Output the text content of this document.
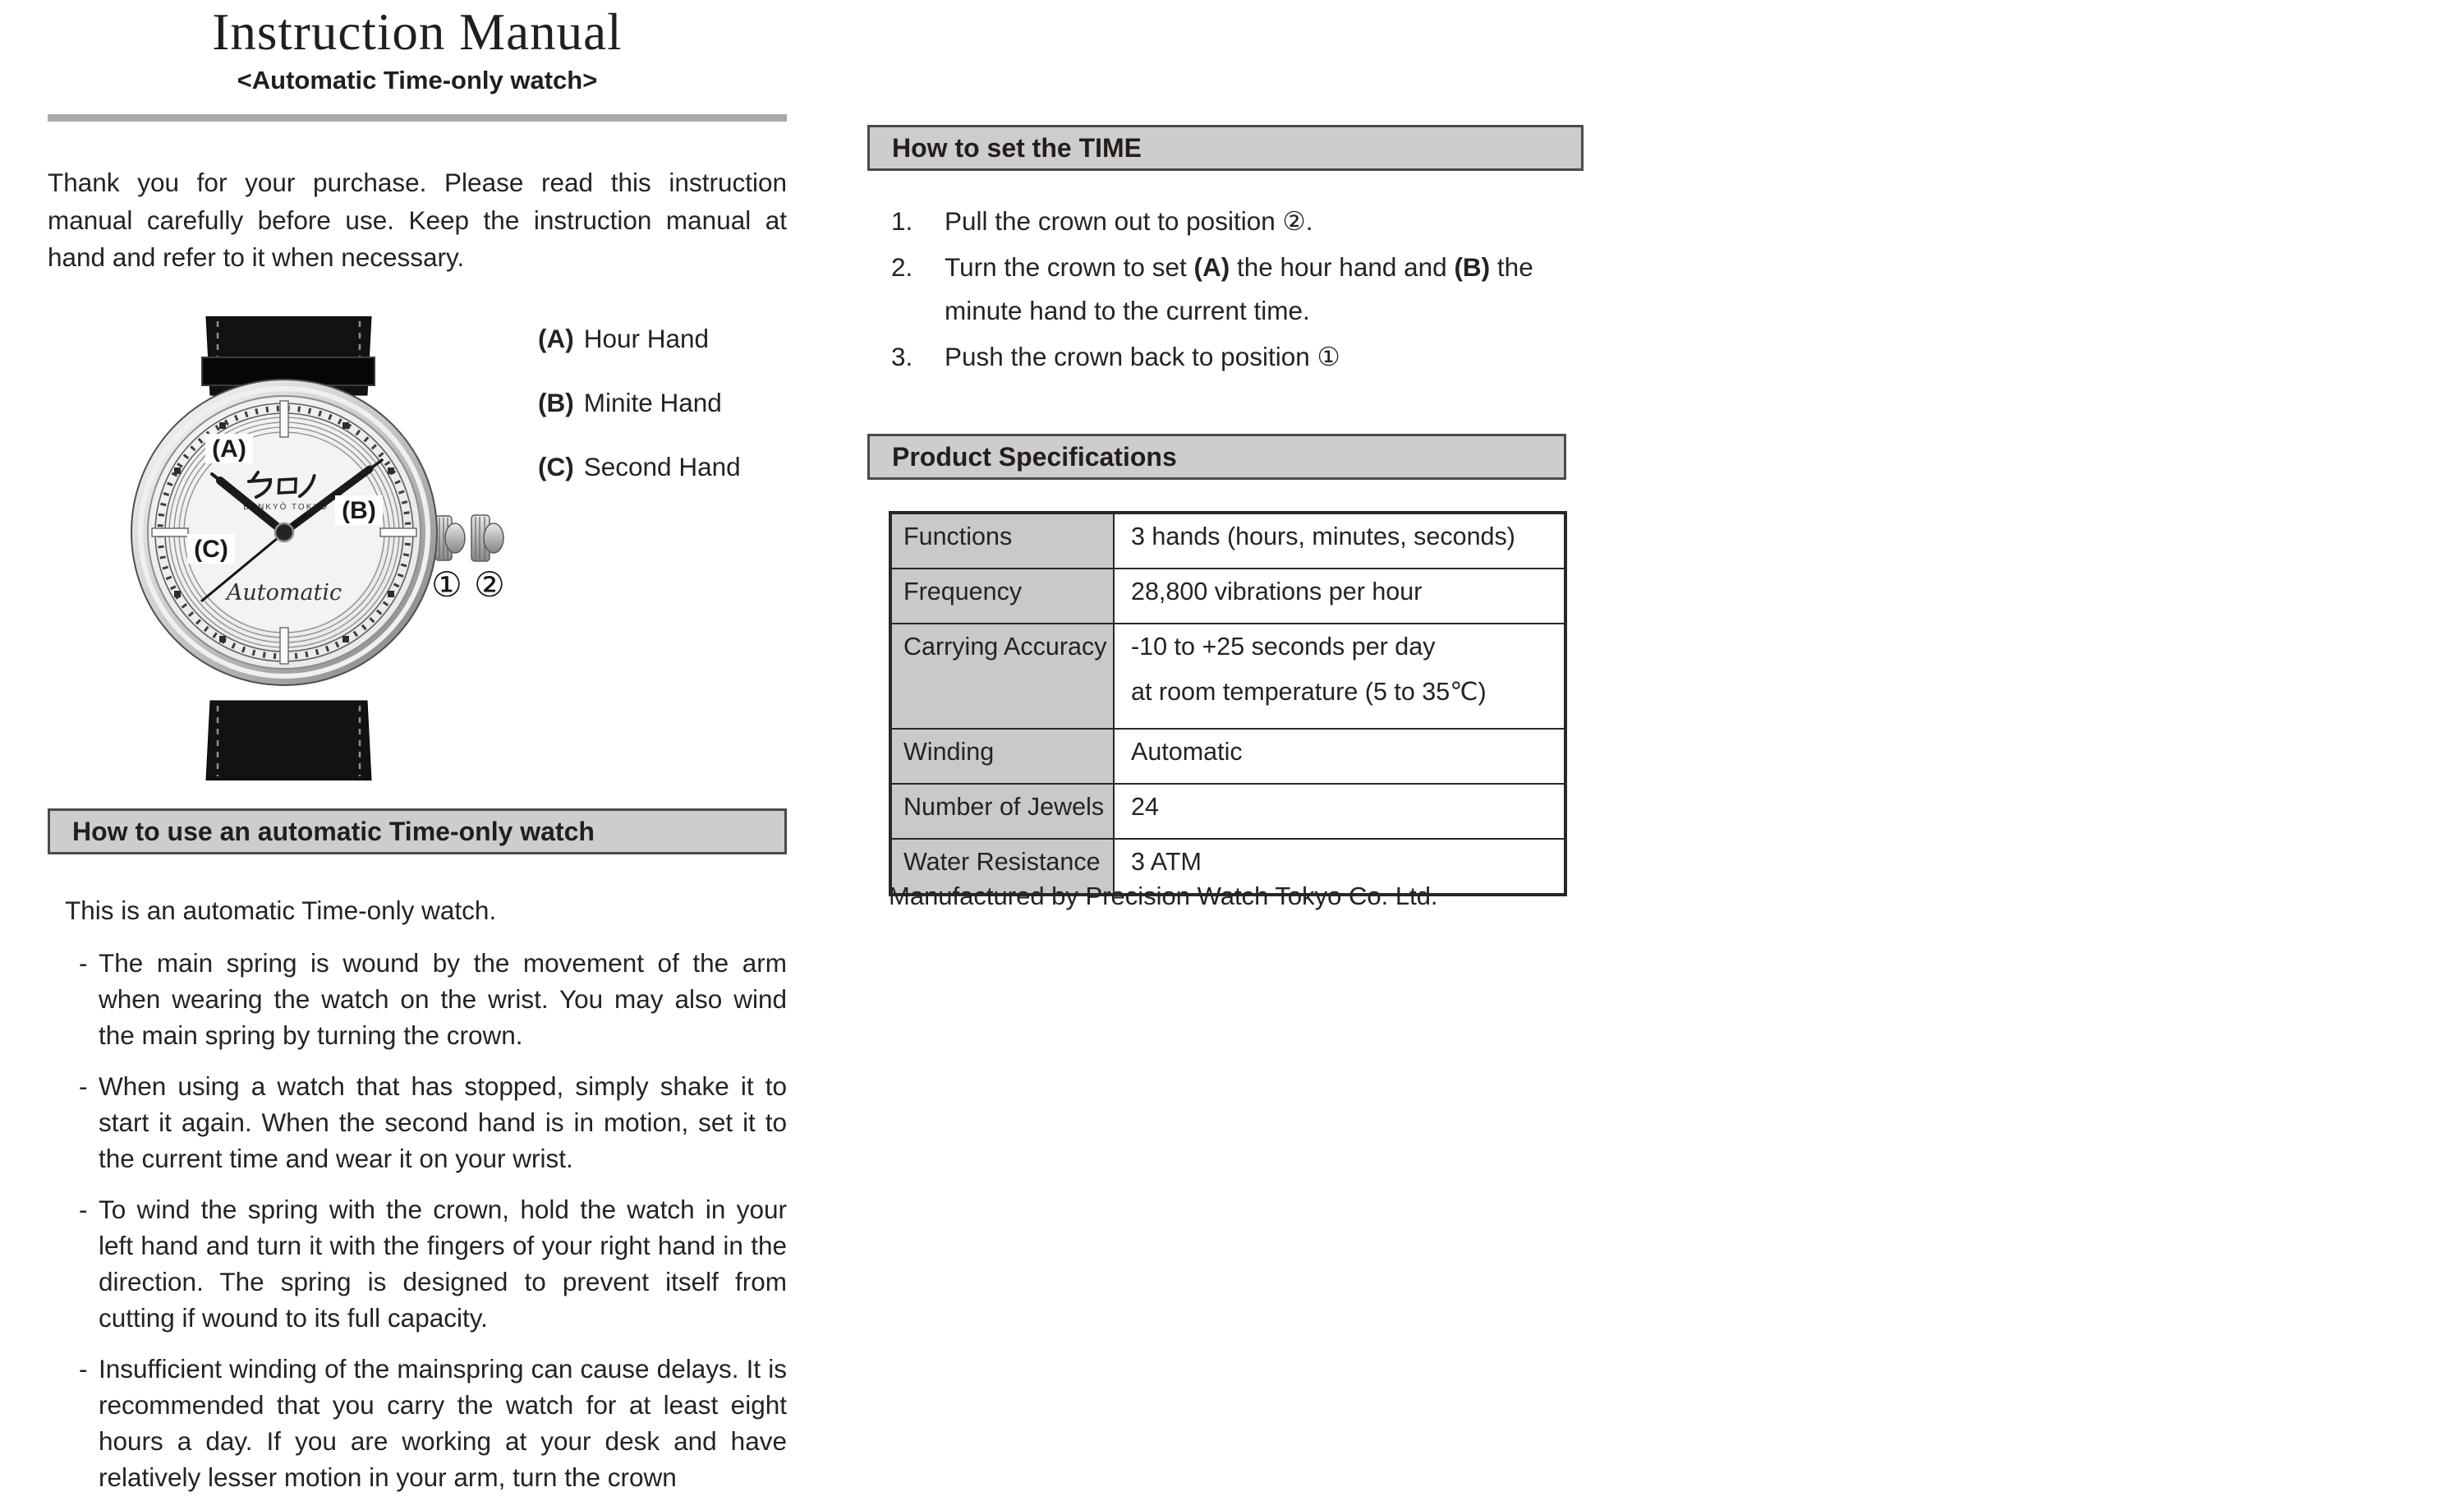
Instruction Manual
<Automatic Time-only watch>
Thank you for your purchase. Please read this instruction manual carefully before use. Keep the instruction manual at hand and refer to it when necessary.
① ②
BUNKYŌ TOKYO
Automatic
(A)
(B)
(C)
(A) Hour Hand
(B) Minite Hand
(C) Second Hand
How to use an automatic Time-only watch
This is an automatic Time-only watch.
- The main spring is wound by the movement of the arm when wearing the watch on the wrist. You may also wind the main spring by turning the crown.
- When using a watch that has stopped, simply shake it to start it again. When the second hand is in motion, set it to the current time and wear it on your wrist.
- To wind the spring with the crown, hold the watch in your left hand and turn it with the fingers of your right hand in the direction. The spring is designed to prevent itself from cutting if wound to its full capacity.
- Insufficient winding of the mainspring can cause delays. It is recommended that you carry the watch for at least eight hours a day. If you are working at your desk and have relatively lesser motion in your arm, turn the crown
How to set the TIME
1.	Pull the crown out to position ②.
2.	Turn the crown to set (A) the hour hand and (B) the minute hand to the current time.
3.	Push the crown back to position ①
Product Specifications
Functions	3 hands (hours, minutes, seconds)

Frequency	28,800 vibrations per hour

Carrying Accuracy	-10 to +25 seconds per day
at room temperature (5 to 35℃)

Winding	Automatic

Number of Jewels	24

Water Resistance	3 ATM
Manufactured by Precision Watch Tokyo Co. Ltd.
